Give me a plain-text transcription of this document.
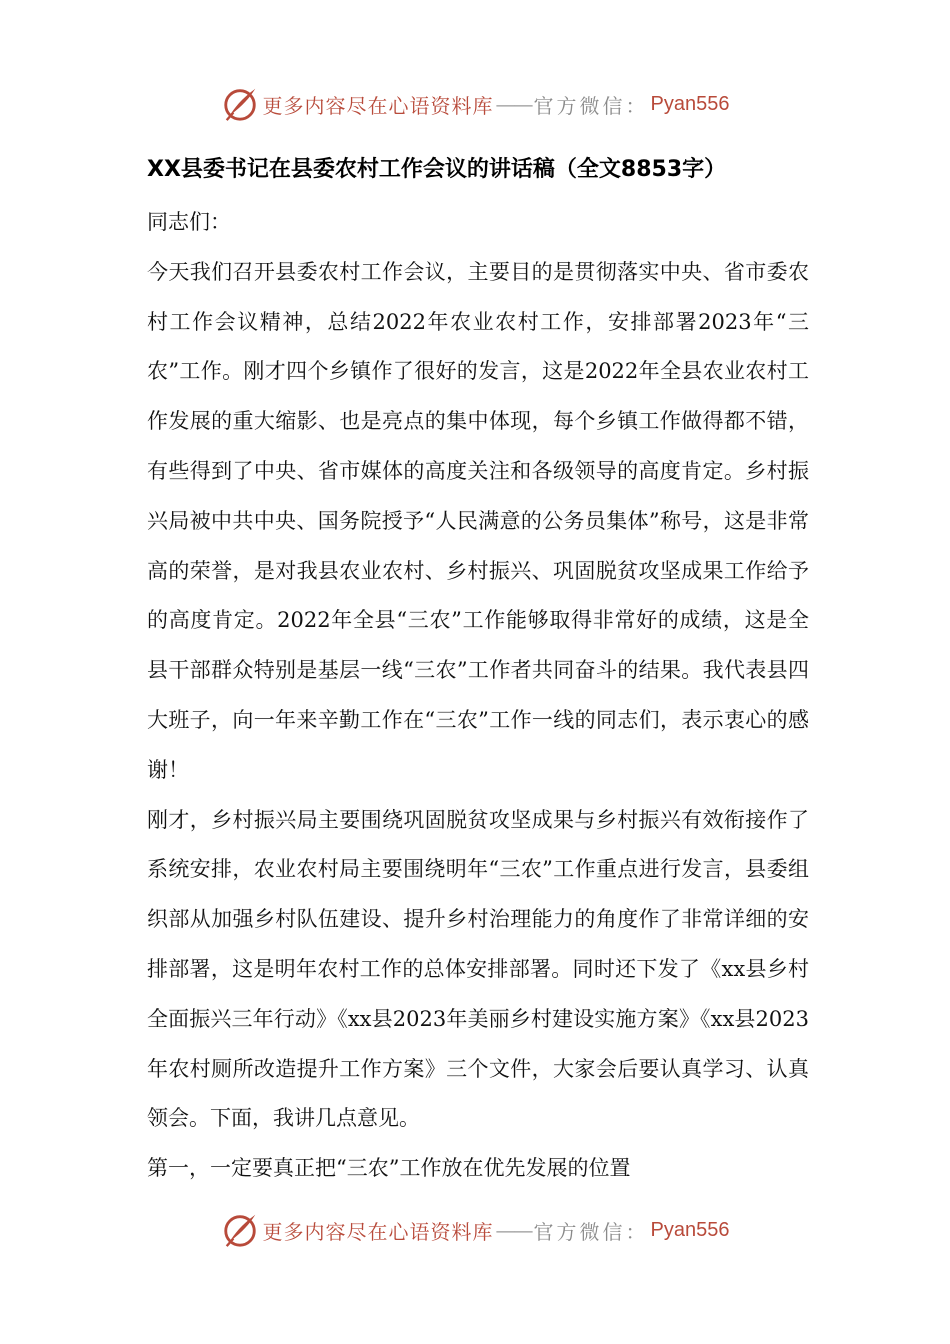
更多内容尽在心语资料库 —— 官方微信： Pyan556
XX县委书记在县委农村工作会议的讲话稿（全文8853字）

同志们：

今天我们召开县委农村工作会议，主要目的是贯彻落实中央、省市委农村工作会议精神，总结2022年农业农村工作，安排部署2023年“三农”工作。刚才四个乡镇作了很好的发言，这是2022年全县农业农村工作发展的重大缩影、也是亮点的集中体现，每个乡镇工作做得都不错，有些得到了中央、省市媒体的高度关注和各级领导的高度肯定。乡村振兴局被中共中央、国务院授予“人民满意的公务员集体”称号，这是非常高的荣誉，是对我县农业农村、乡村振兴、巩固脱贫攻坚成果工作给予的高度肯定。2022年全县“三农”工作能够取得非常好的成绩，这是全县干部群众特别是基层一线“三农”工作者共同奋斗的结果。我代表县四大班子，向一年来辛勤工作在“三农”工作一线的同志们，表示衷心的感谢！

刚才，乡村振兴局主要围绕巩固脱贫攻坚成果与乡村振兴有效衔接作了系统安排，农业农村局主要围绕明年“三农”工作重点进行发言，县委组织部从加强乡村队伍建设、提升乡村治理能力的角度作了非常详细的安排部署，这是明年农村工作的总体安排部署。同时还下发了《xx县乡村全面振兴三年行动》《xx县2023年美丽乡村建设实施方案》《xx县2023年农村厕所改造提升工作方案》三个文件，大家会后要认真学习、认真领会。下面，我讲几点意见。

第一，一定要真正把“三农”工作放在优先发展的位置

更多内容尽在心语资料库 —— 官方微信： Pyan556
